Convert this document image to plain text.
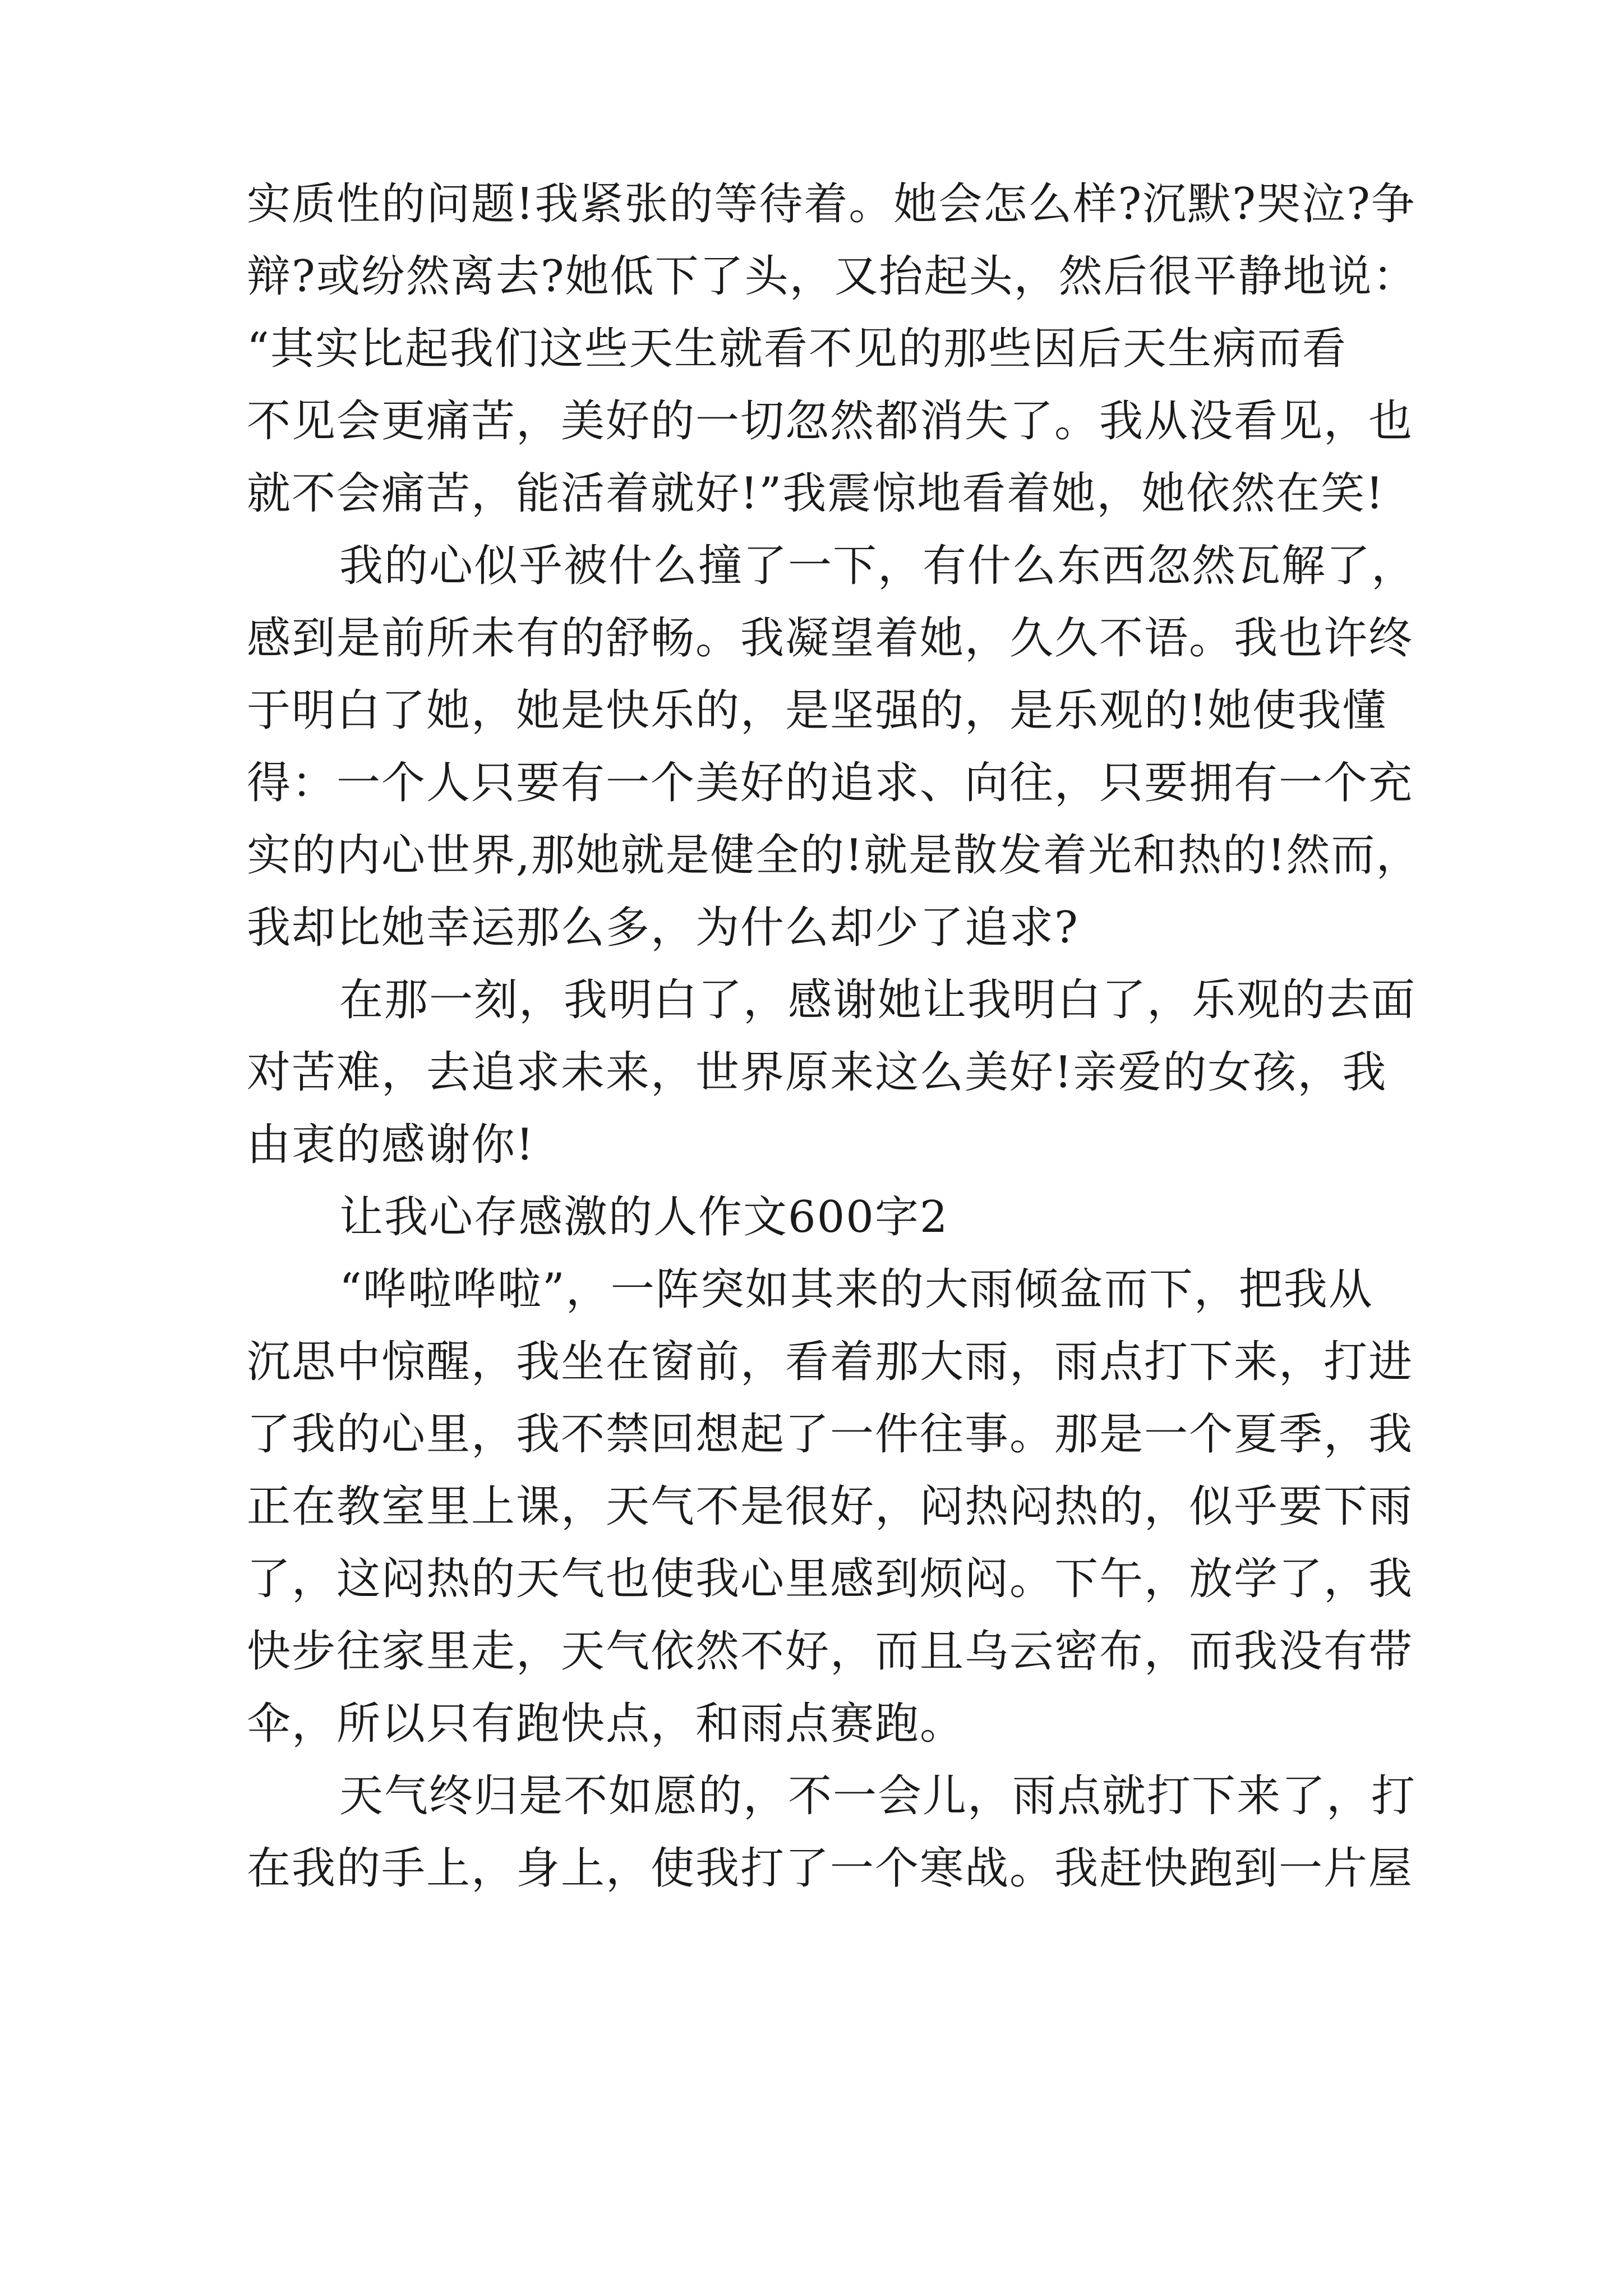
实质性的问题!我紧张的等待着。她会怎么样?沉默?哭泣?争
辩?或纷然离去?她低下了头，又抬起头，然后很平静地说：
“其实比起我们这些天生就看不见的那些因后天生病而看
不见会更痛苦，美好的一切忽然都消失了。我从没看见，也
就不会痛苦，能活着就好!”我震惊地看着她，她依然在笑!
我的心似乎被什么撞了一下，有什么东西忽然瓦解了，
感到是前所未有的舒畅。我凝望着她，久久不语。我也许终
于明白了她，她是快乐的，是坚强的，是乐观的!她使我懂
得：一个人只要有一个美好的追求、向往，只要拥有一个充
实的内心世界,那她就是健全的!就是散发着光和热的!然而，
我却比她幸运那么多，为什么却少了追求?
在那一刻，我明白了，感谢她让我明白了，乐观的去面
对苦难，去追求未来，世界原来这么美好!亲爱的女孩，我
由衷的感谢你!
让我心存感激的人作文600字2
“哗啦哗啦”，一阵突如其来的大雨倾盆而下，把我从
沉思中惊醒，我坐在窗前，看着那大雨，雨点打下来，打进
了我的心里，我不禁回想起了一件往事。那是一个夏季，我
正在教室里上课，天气不是很好，闷热闷热的，似乎要下雨
了，这闷热的天气也使我心里感到烦闷。下午，放学了，我
快步往家里走，天气依然不好，而且乌云密布，而我没有带
伞，所以只有跑快点，和雨点赛跑。
天气终归是不如愿的，不一会儿，雨点就打下来了，打
在我的手上，身上，使我打了一个寒战。我赶快跑到一片屋
